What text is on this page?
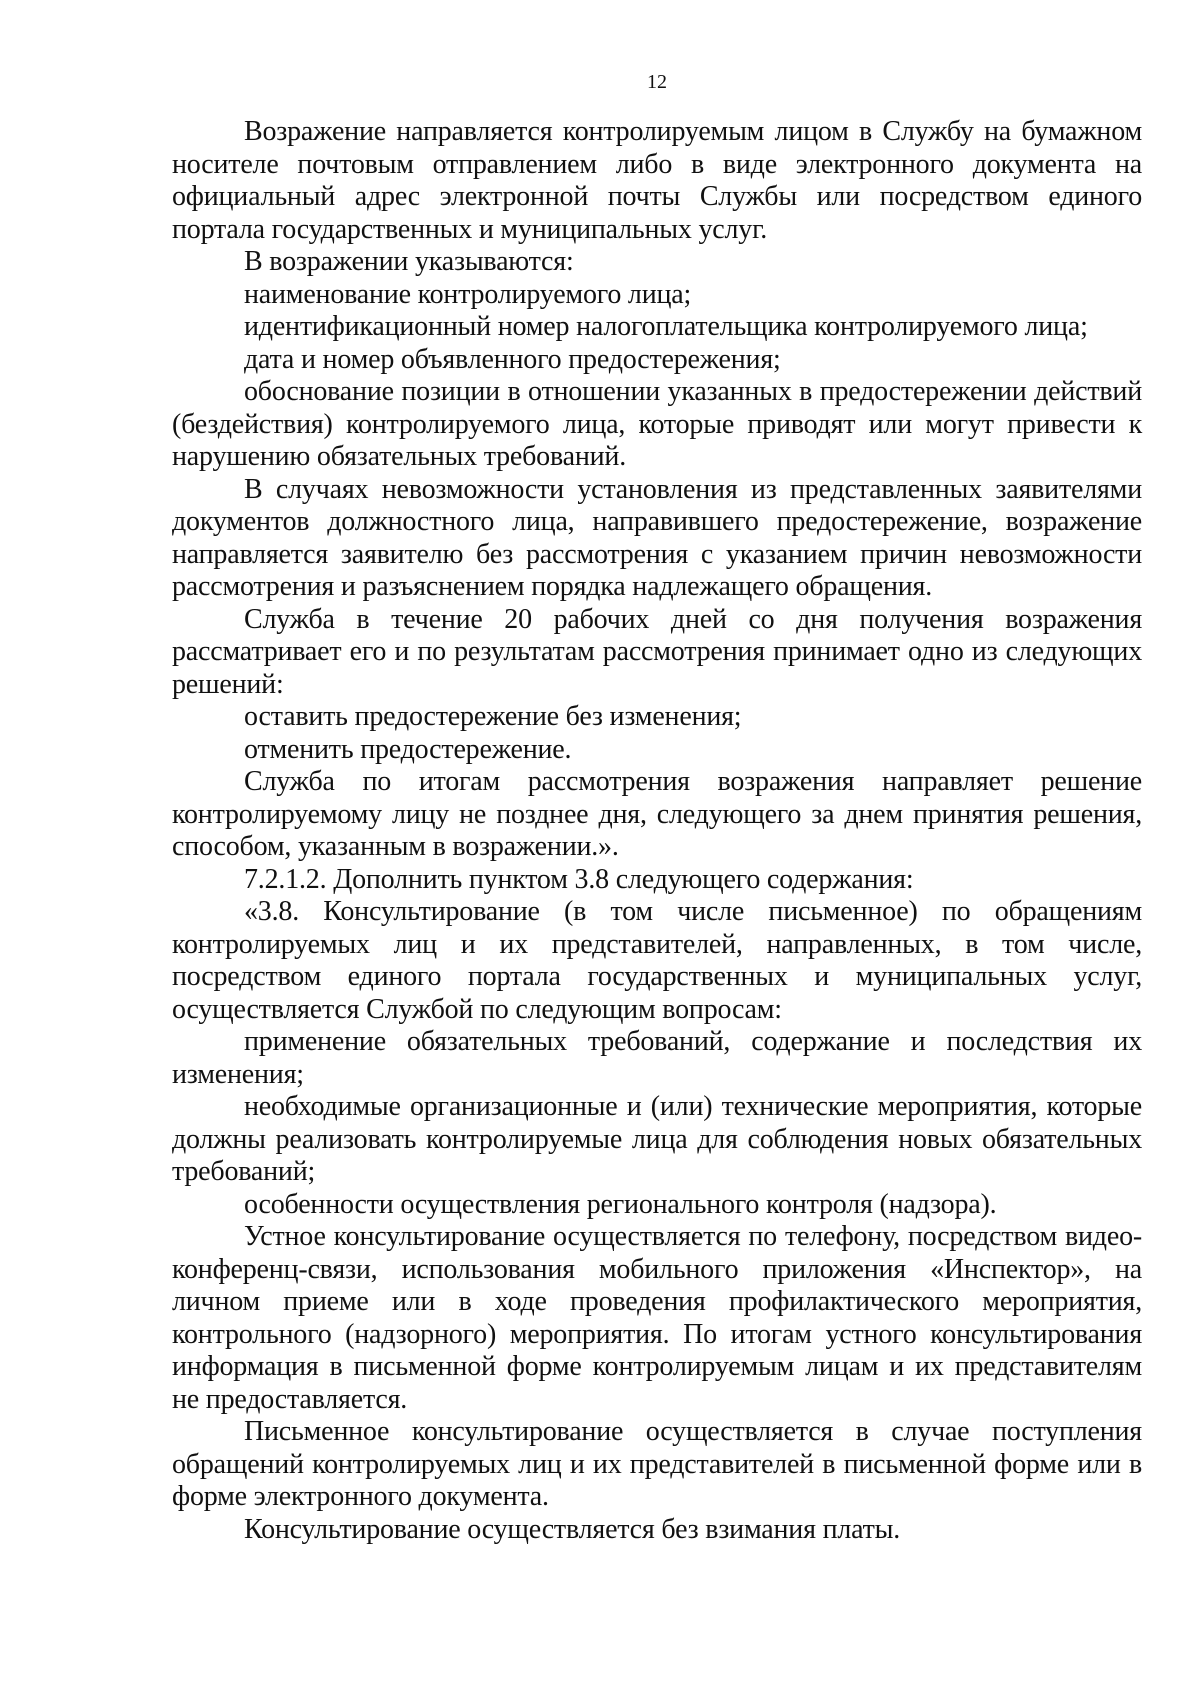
12

Возражение направляется контролируемым лицом в Службу на бумажном носителе почтовым отправлением либо в виде электронного документа на официальный адрес электронной почты Службы или посредством единого портала государственных и муниципальных услуг.

В возражении указываются:

наименование контролируемого лица;

идентификационный номер налогоплательщика контролируемого лица;

дата и номер объявленного предостережения;

обоснование позиции в отношении указанных в предостережении действий (бездействия) контролируемого лица, которые приводят или могут привести к нарушению обязательных требований.

В случаях невозможности установления из представленных заявителями документов должностного лица, направившего предостережение, возражение направляется заявителю без рассмотрения с указанием причин невозможности рассмотрения и разъяснением порядка надлежащего обращения.

Служба в течение 20 рабочих дней со дня получения возражения рассматривает его и по результатам рассмотрения принимает одно из следующих решений:

оставить предостережение без изменения;

отменить предостережение.

Служба по итогам рассмотрения возражения направляет решение контролируемому лицу не позднее дня, следующего за днем принятия решения, способом, указанным в возражении.».

7.2.1.2. Дополнить пунктом 3.8 следующего содержания:

«3.8. Консультирование (в том числе письменное) по обращениям контролируемых лиц и их представителей, направленных, в том числе, посредством единого портала государственных и муниципальных услуг, осуществляется Службой по следующим вопросам:

применение обязательных требований, содержание и последствия их изменения;

необходимые организационные и (или) технические мероприятия, которые должны реализовать контролируемые лица для соблюдения новых обязательных требований;

особенности осуществления регионального контроля (надзора).

Устное консультирование осуществляется по телефону, посредством видео-конференц-связи, использования мобильного приложения «Инспектор», на личном приеме или в ходе проведения профилактического мероприятия, контрольного (надзорного) мероприятия. По итогам устного консультирования информация в письменной форме контролируемым лицам и их представителям не предоставляется.

Письменное консультирование осуществляется в случае поступления обращений контролируемых лиц и их представителей в письменной форме или в форме электронного документа.

Консультирование осуществляется без взимания платы.
